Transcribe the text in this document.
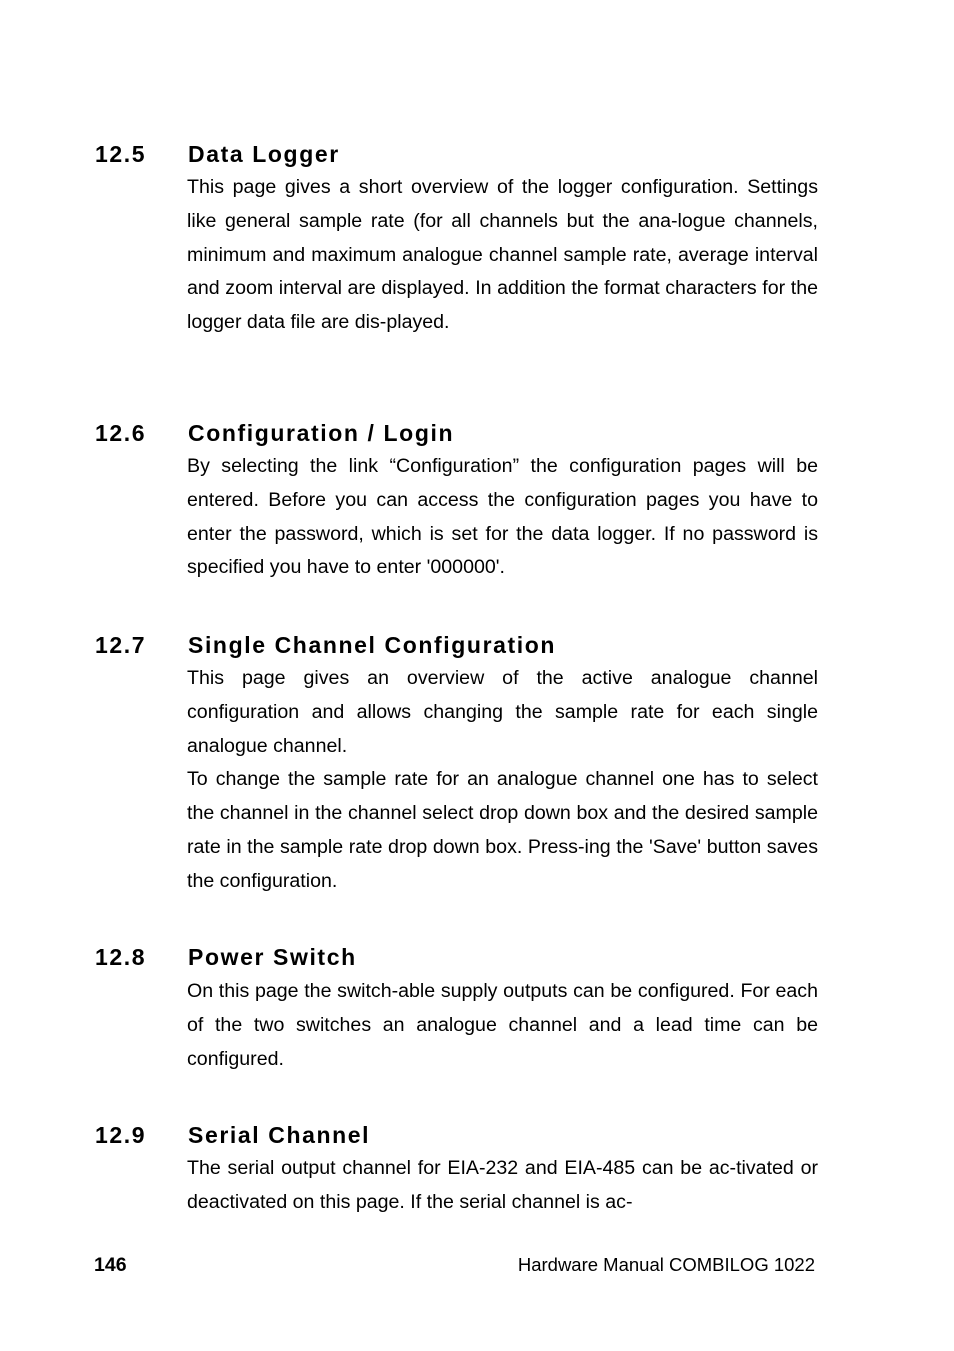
12.5 Data Logger

This page gives a short overview of the logger configuration. Settings like general sample rate (for all channels but the ana-logue channels, minimum and maximum analogue channel sample rate, average interval and zoom interval are displayed. In addition the format characters for the logger data file are dis-played.

12.6 Configuration / Login

By selecting the link “Configuration” the configuration pages will be entered. Before you can access the configuration pages you have to enter the password, which is set for the data logger. If no password is specified you have to enter '000000'.

12.7 Single Channel Configuration

This page gives an overview of the active analogue channel configuration and allows changing the sample rate for each single analogue channel.

To change the sample rate for an analogue channel one has to select the channel in the channel select drop down box and the desired sample rate in the sample rate drop down box. Press-ing the 'Save' button saves the configuration.

12.8 Power Switch

On this page the switch-able supply outputs can be configured. For each of the two switches an analogue channel and a lead time can be configured.

12.9 Serial Channel

The serial output channel for EIA-232 and EIA-485 can be ac-tivated or deactivated on this page. If the serial channel is ac-

146	Hardware Manual COMBILOG 1022
